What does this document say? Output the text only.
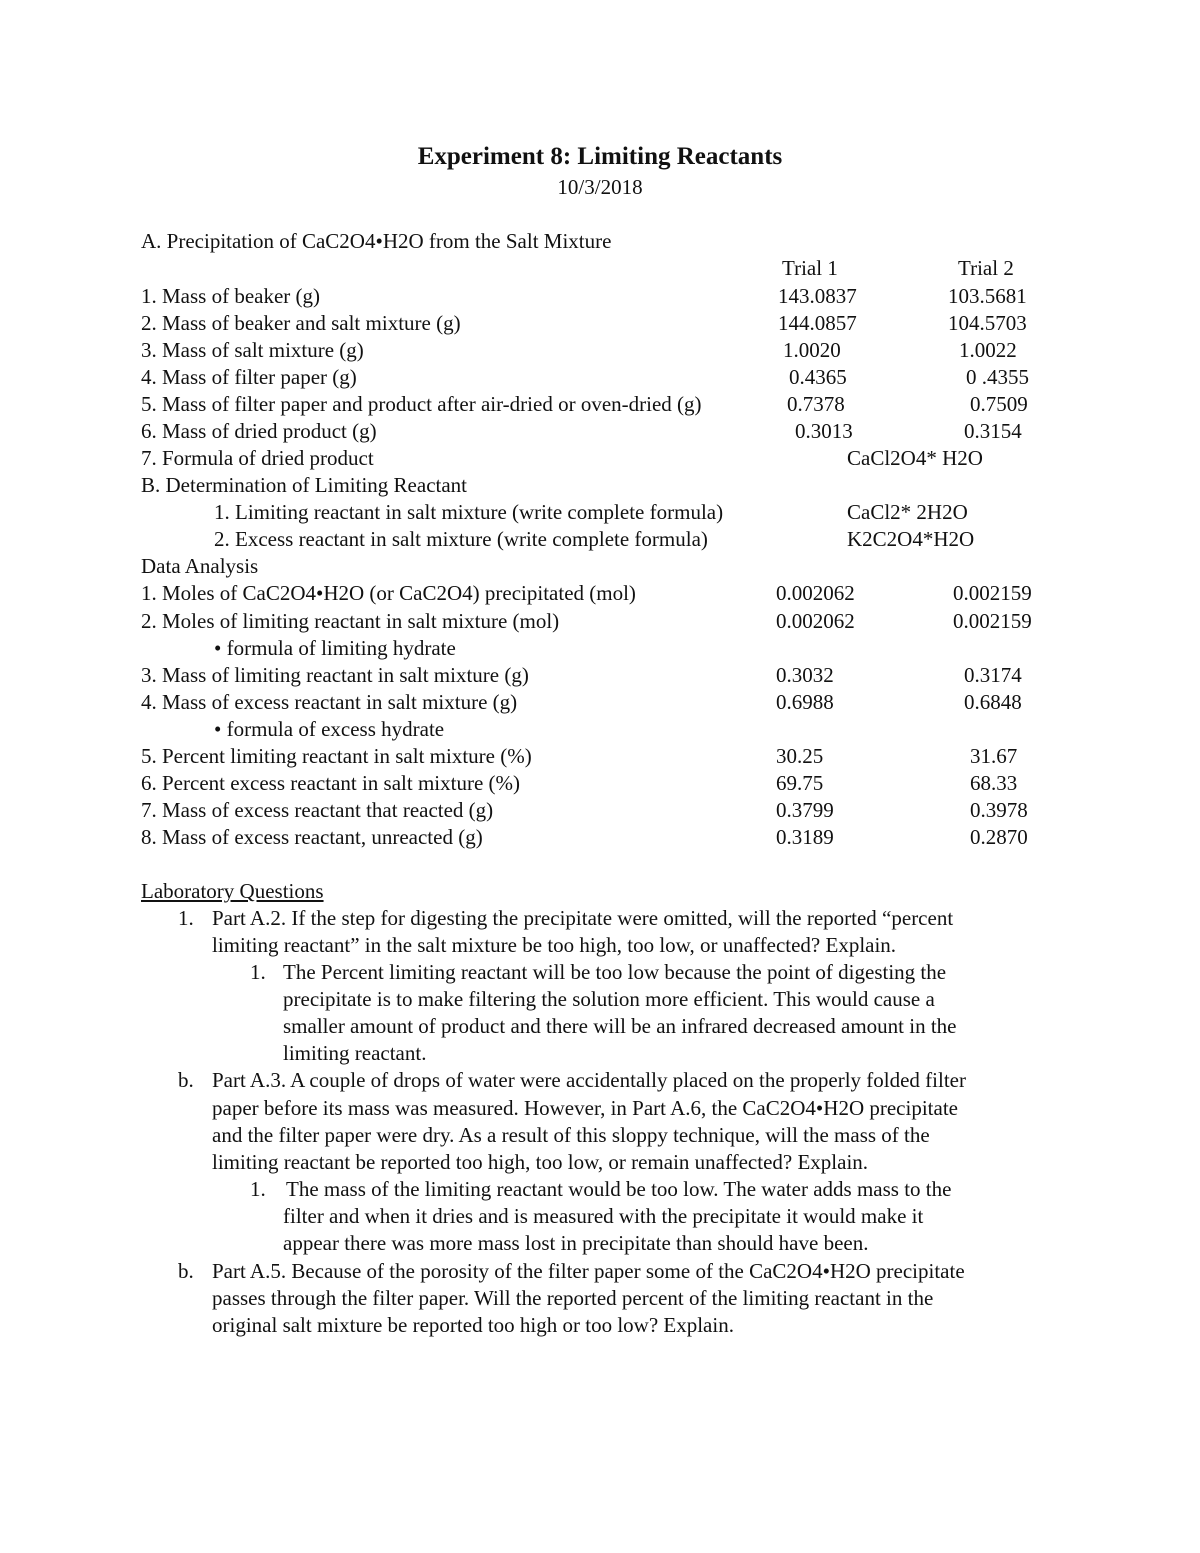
Experiment 8: Limiting Reactants
10/3/2018
A. Precipitation of CaC2O4•H2O from the Salt Mixture
Trial 1	Trial 2
1. Mass of beaker (g)	143.0837	103.5681
2. Mass of beaker and salt mixture (g)	144.0857	104.5703
3. Mass of salt mixture (g)	1.0020	1.0022
4. Mass of filter paper (g)	0.4365	0 .4355
5. Mass of filter paper and product after air-dried or oven-dried (g)	0.7378	0.7509
6. Mass of dried product (g)	0.3013	0.3154
7. Formula of dried product	CaCl2O4* H2O
B. Determination of Limiting Reactant
1. Limiting reactant in salt mixture (write complete formula)	CaCl2* 2H2O
2. Excess reactant in salt mixture (write complete formula)	K2C2O4*H2O
Data Analysis
1. Moles of CaC2O4•H2O (or CaC2O4) precipitated (mol)	0.002062	0.002159
2. Moles of limiting reactant in salt mixture (mol)	0.002062	0.002159
• formula of limiting hydrate
3. Mass of limiting reactant in salt mixture (g)	0.3032	0.3174
4. Mass of excess reactant in salt mixture (g)	0.6988	0.6848
• formula of excess hydrate
5. Percent limiting reactant in salt mixture (%)	30.25	31.67
6. Percent excess reactant in salt mixture (%)	69.75	68.33
7. Mass of excess reactant that reacted (g)	0.3799	0.3978
8. Mass of excess reactant, unreacted (g)	0.3189	0.2870
Laboratory Questions
1. Part A.2. If the step for digesting the precipitate were omitted, will the reported “percent
limiting reactant” in the salt mixture be too high, too low, or unaffected? Explain.
1. The Percent limiting reactant will be too low because the point of digesting the
precipitate is to make filtering the solution more efficient. This would cause a
smaller amount of product and there will be an infrared decreased amount in the
limiting reactant.
b. Part A.3. A couple of drops of water were accidentally placed on the properly folded filter
paper before its mass was measured. However, in Part A.6, the CaC2O4•H2O precipitate
and the filter paper were dry. As a result of this sloppy technique, will the mass of the
limiting reactant be reported too high, too low, or remain unaffected? Explain.
1. The mass of the limiting reactant would be too low. The water adds mass to the
filter and when it dries and is measured with the precipitate it would make it
appear there was more mass lost in precipitate than should have been.
b. Part A.5. Because of the porosity of the filter paper some of the CaC2O4•H2O precipitate
passes through the filter paper. Will the reported percent of the limiting reactant in the
original salt mixture be reported too high or too low? Explain.
